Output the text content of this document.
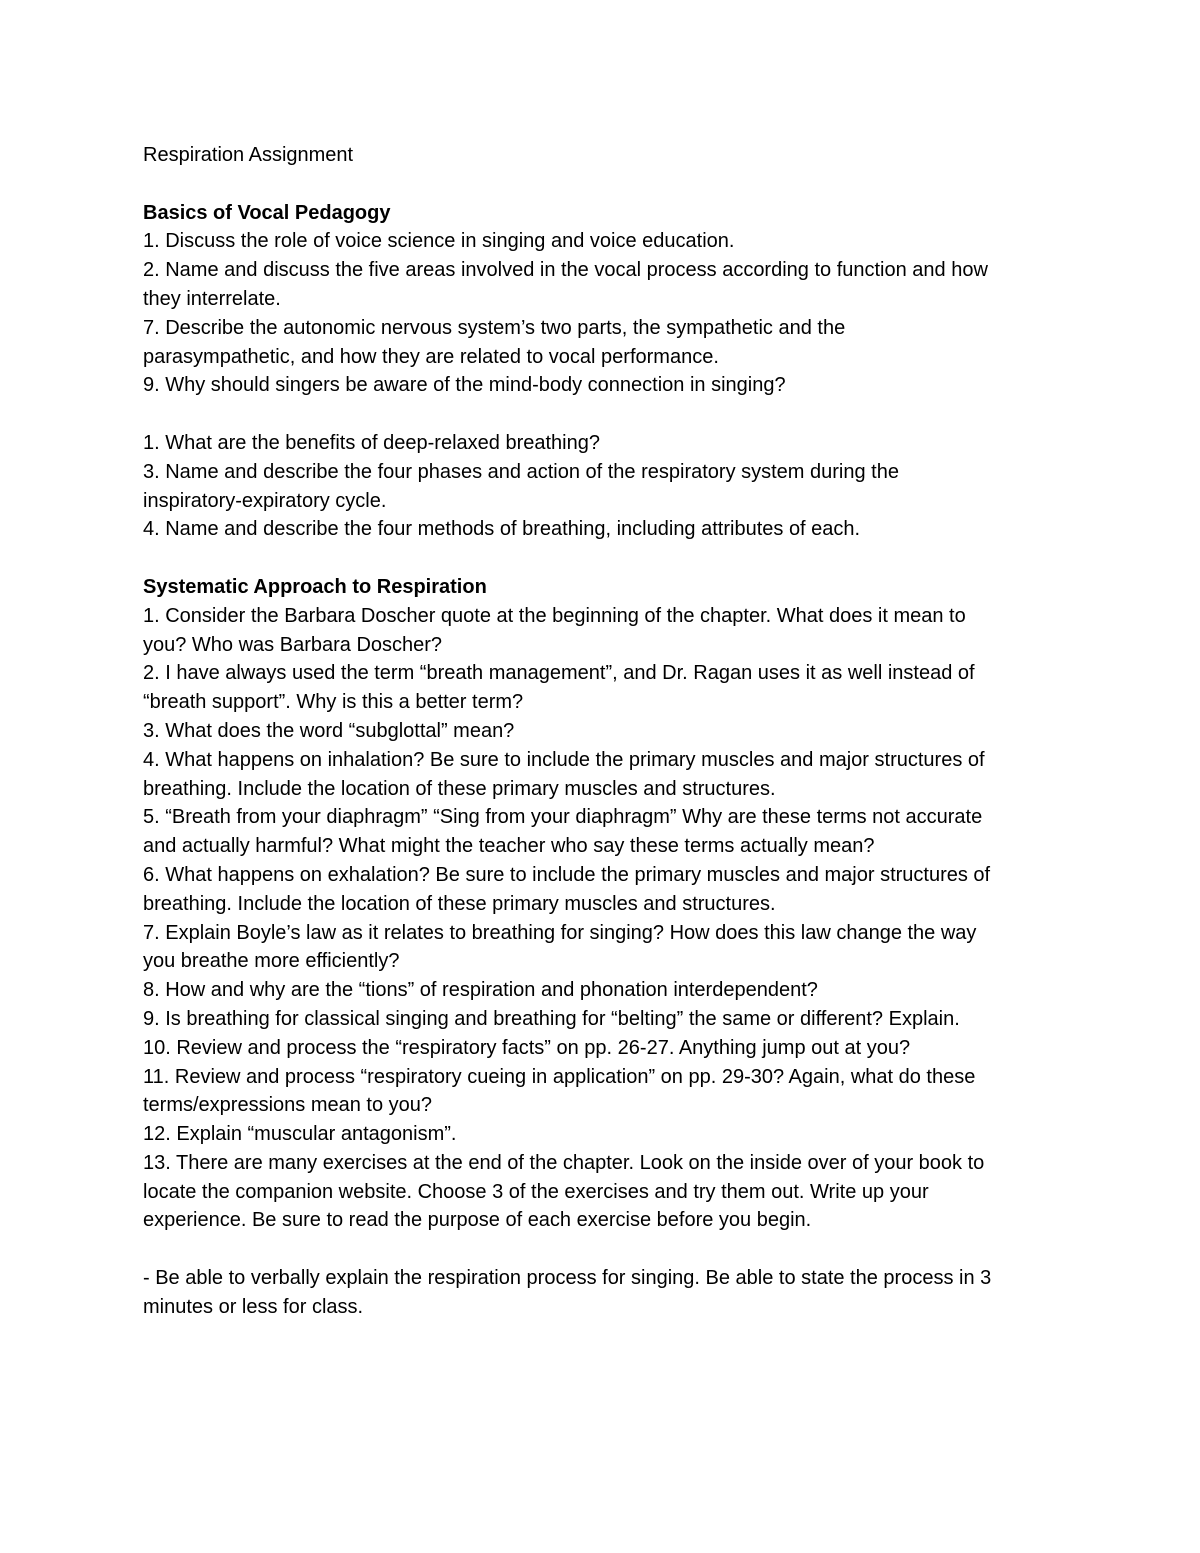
Respiration Assignment
Basics of Vocal Pedagogy
1. Discuss the role of voice science in singing and voice education.
2. Name and discuss the five areas involved in the vocal process according to function and how
they interrelate.
7. Describe the autonomic nervous system’s two parts, the sympathetic and the
parasympathetic, and how they are related to vocal performance.
9. Why should singers be aware of the mind-body connection in singing?
1. What are the benefits of deep-relaxed breathing?
3. Name and describe the four phases and action of the respiratory system during the
inspiratory-expiratory cycle.
4. Name and describe the four methods of breathing, including attributes of each.
Systematic Approach to Respiration
1. Consider the Barbara Doscher quote at the beginning of the chapter. What does it mean to
you? Who was Barbara Doscher?
2. I have always used the term “breath management”, and Dr. Ragan uses it as well instead of
“breath support”. Why is this a better term?
3. What does the word “subglottal” mean?
4. What happens on inhalation? Be sure to include the primary muscles and major structures of
breathing. Include the location of these primary muscles and structures.
5. “Breath from your diaphragm” “Sing from your diaphragm” Why are these terms not accurate
and actually harmful? What might the teacher who say these terms actually mean?
6. What happens on exhalation? Be sure to include the primary muscles and major structures of
breathing. Include the location of these primary muscles and structures.
7. Explain Boyle’s law as it relates to breathing for singing? How does this law change the way
you breathe more efficiently?
8. How and why are the “tions” of respiration and phonation interdependent?
9. Is breathing for classical singing and breathing for “belting” the same or different? Explain.
10. Review and process the “respiratory facts” on pp. 26-27. Anything jump out at you?
11. Review and process “respiratory cueing in application” on pp. 29-30? Again, what do these
terms/expressions mean to you?
12. Explain “muscular antagonism”.
13. There are many exercises at the end of the chapter. Look on the inside over of your book to
locate the companion website. Choose 3 of the exercises and try them out. Write up your
experience. Be sure to read the purpose of each exercise before you begin.
- Be able to verbally explain the respiration process for singing. Be able to state the process in 3
minutes or less for class.
